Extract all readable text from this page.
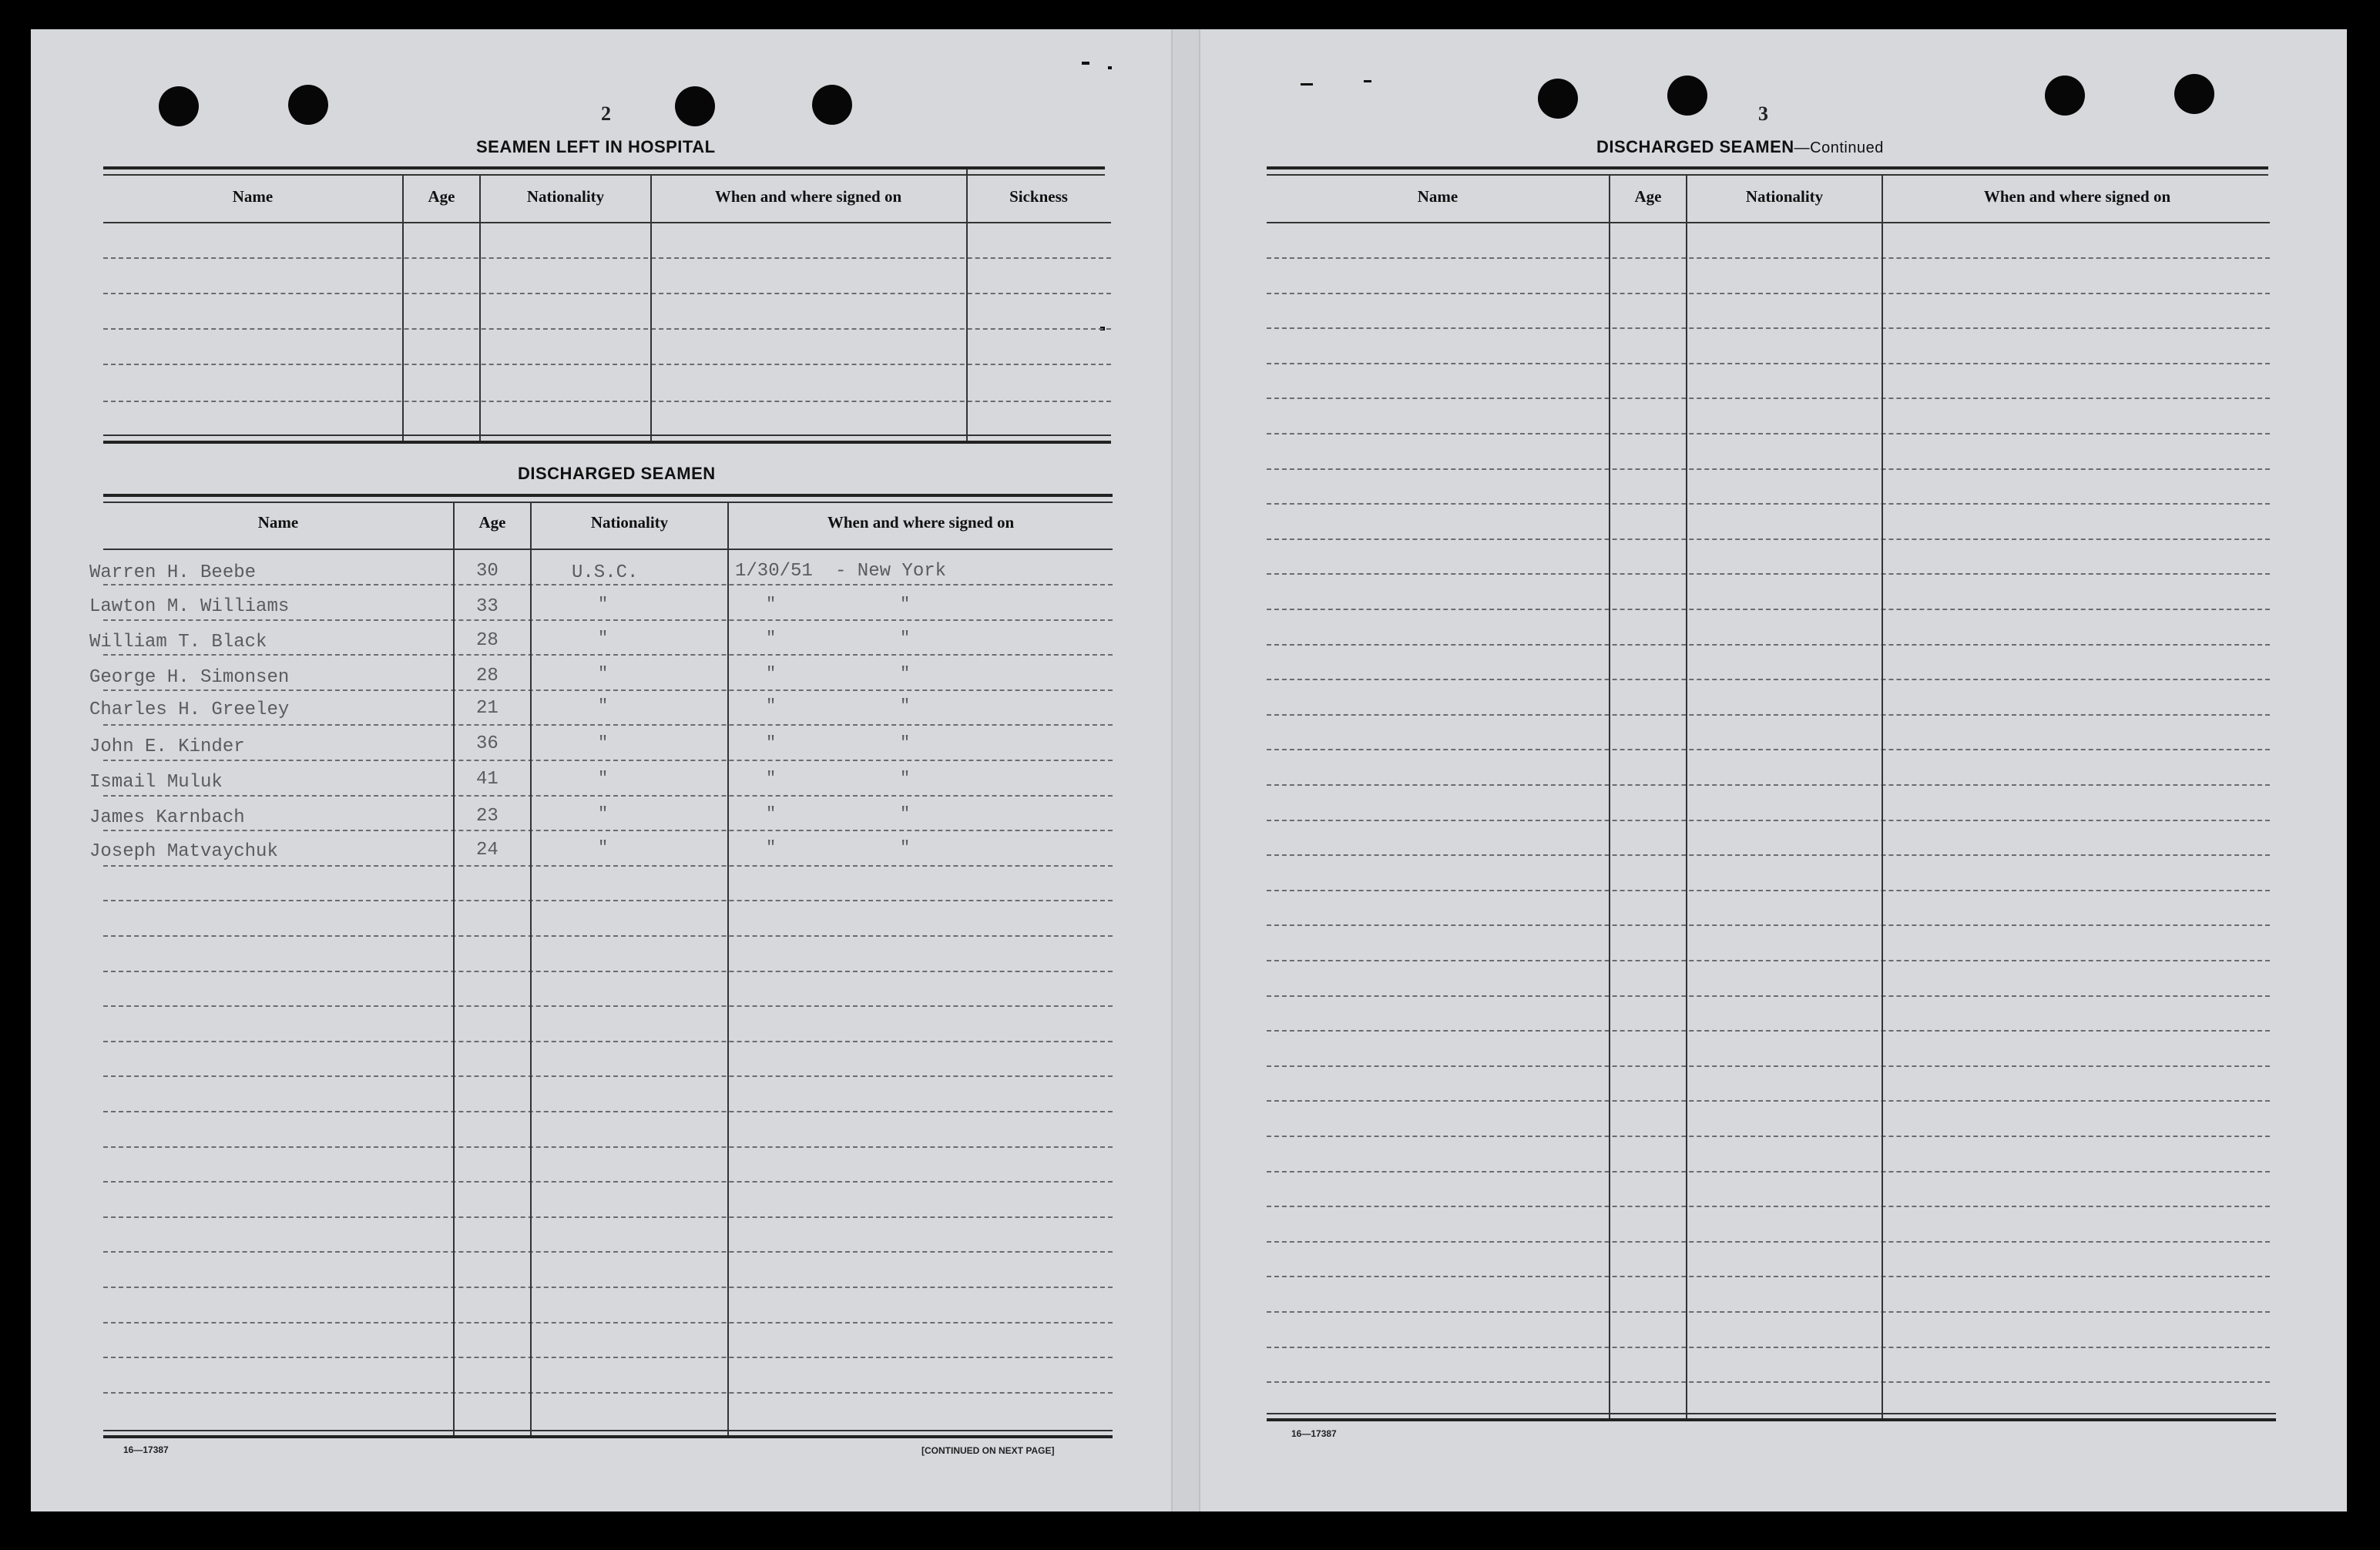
2
SEAMEN LEFT IN HOSPITAL
Name	Age	Nationality	When and where signed on	Sickness
DISCHARGED SEAMEN
Name	Age	Nationality	When and where signed on
Warren H. Beebe	30	U.S.C.	1/30/51 - New York
Lawton M. Williams	33	"	"	"
William T. Black	28	"	"	"
George H. Simonsen	28	"	"	"
Charles H. Greeley	21	"	"	"
John E. Kinder	36	"	"	"
Ismail Muluk	41	"	"	"
James Karnbach	23	"	"	"
Joseph Matvaychuk	24	"	"	"
16—17387	[CONTINUED ON NEXT PAGE]
3
DISCHARGED SEAMEN—Continued
Name	Age	Nationality	When and where signed on
16—17387
